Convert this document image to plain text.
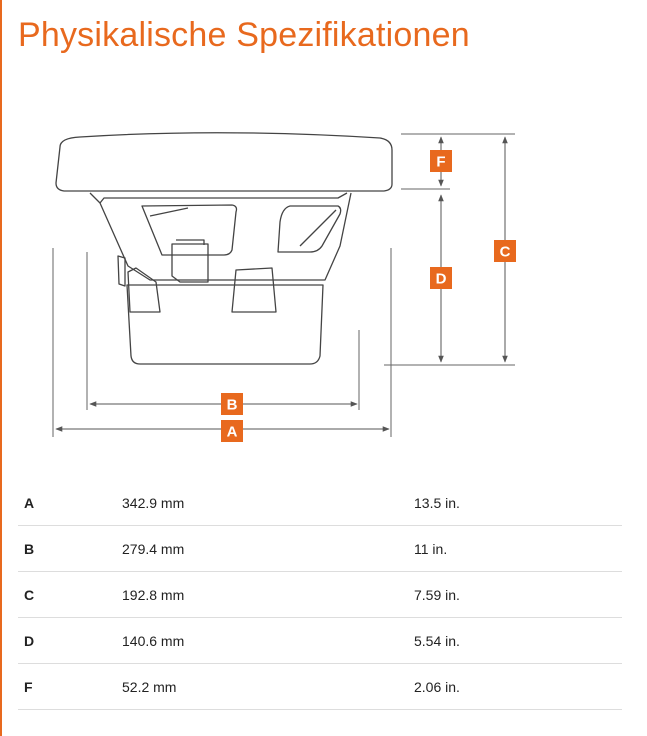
Physikalische Spezifikationen
A
B
C
D
F
A	342.9 mm	13.5 in.
B	279.4 mm	11 in.
C	192.8 mm	7.59 in.
D	140.6 mm	5.54 in.
F	52.2 mm	2.06 in.
